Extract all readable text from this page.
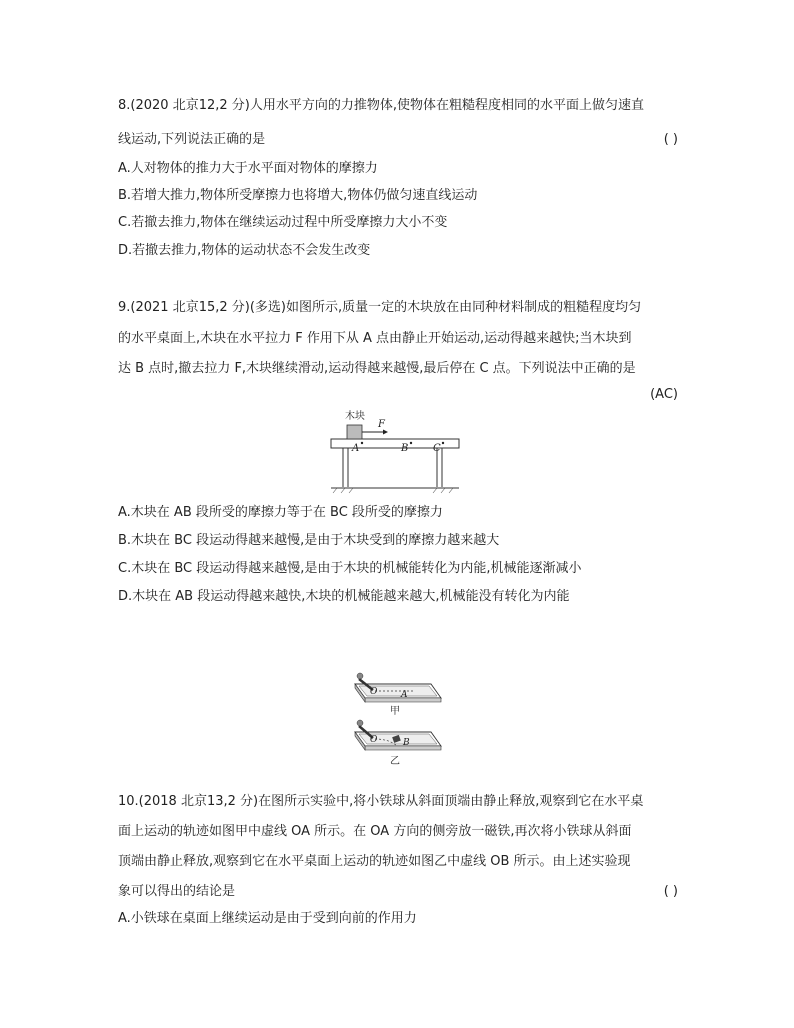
8.(2020 北京12,2 分)人用水平方向的力推物体,使物体在粗糙程度相同的水平面上做匀速直
线运动,下列说法正确的是	( )
A.人对物体的推力大于水平面对物体的摩擦力
B.若增大推力,物体所受摩擦力也将增大,物体仍做匀速直线运动
C.若撤去推力,物体在继续运动过程中所受摩擦力大小不变
D.若撤去推力,物体的运动状态不会发生改变
9.(2021 北京15,2 分)(多选)如图所示,质量一定的木块放在由同种材料制成的粗糙程度均匀
的水平桌面上,木块在水平拉力 F 作用下从 A 点由静止开始运动,运动得越来越快;当木块到
达 B 点时,撤去拉力 F,木块继续滑动,运动得越来越慢,最后停在 C 点。下列说法中正确的是
(AC)
木块
F
A	B C
A.木块在 AB 段所受的摩擦力等于在 BC 段所受的摩擦力
B.木块在 BC 段运动得越来越慢,是由于木块受到的摩擦力越来越大
C.木块在 BC 段运动得越来越慢,是由于木块的机械能转化为内能,机械能逐渐减小
D.木块在 AB 段运动得越来越快,木块的机械能越来越大,机械能没有转化为内能
O	A
甲
O	B
乙
10.(2018 北京13,2 分)在图所示实验中,将小铁球从斜面顶端由静止释放,观察到它在水平桌
面上运动的轨迹如图甲中虚线 OA 所示。在 OA 方向的侧旁放一磁铁,再次将小铁球从斜面
顶端由静止释放,观察到它在水平桌面上运动的轨迹如图乙中虚线 OB 所示。由上述实验现
象可以得出的结论是	( )
A.小铁球在桌面上继续运动是由于受到向前的作用力
